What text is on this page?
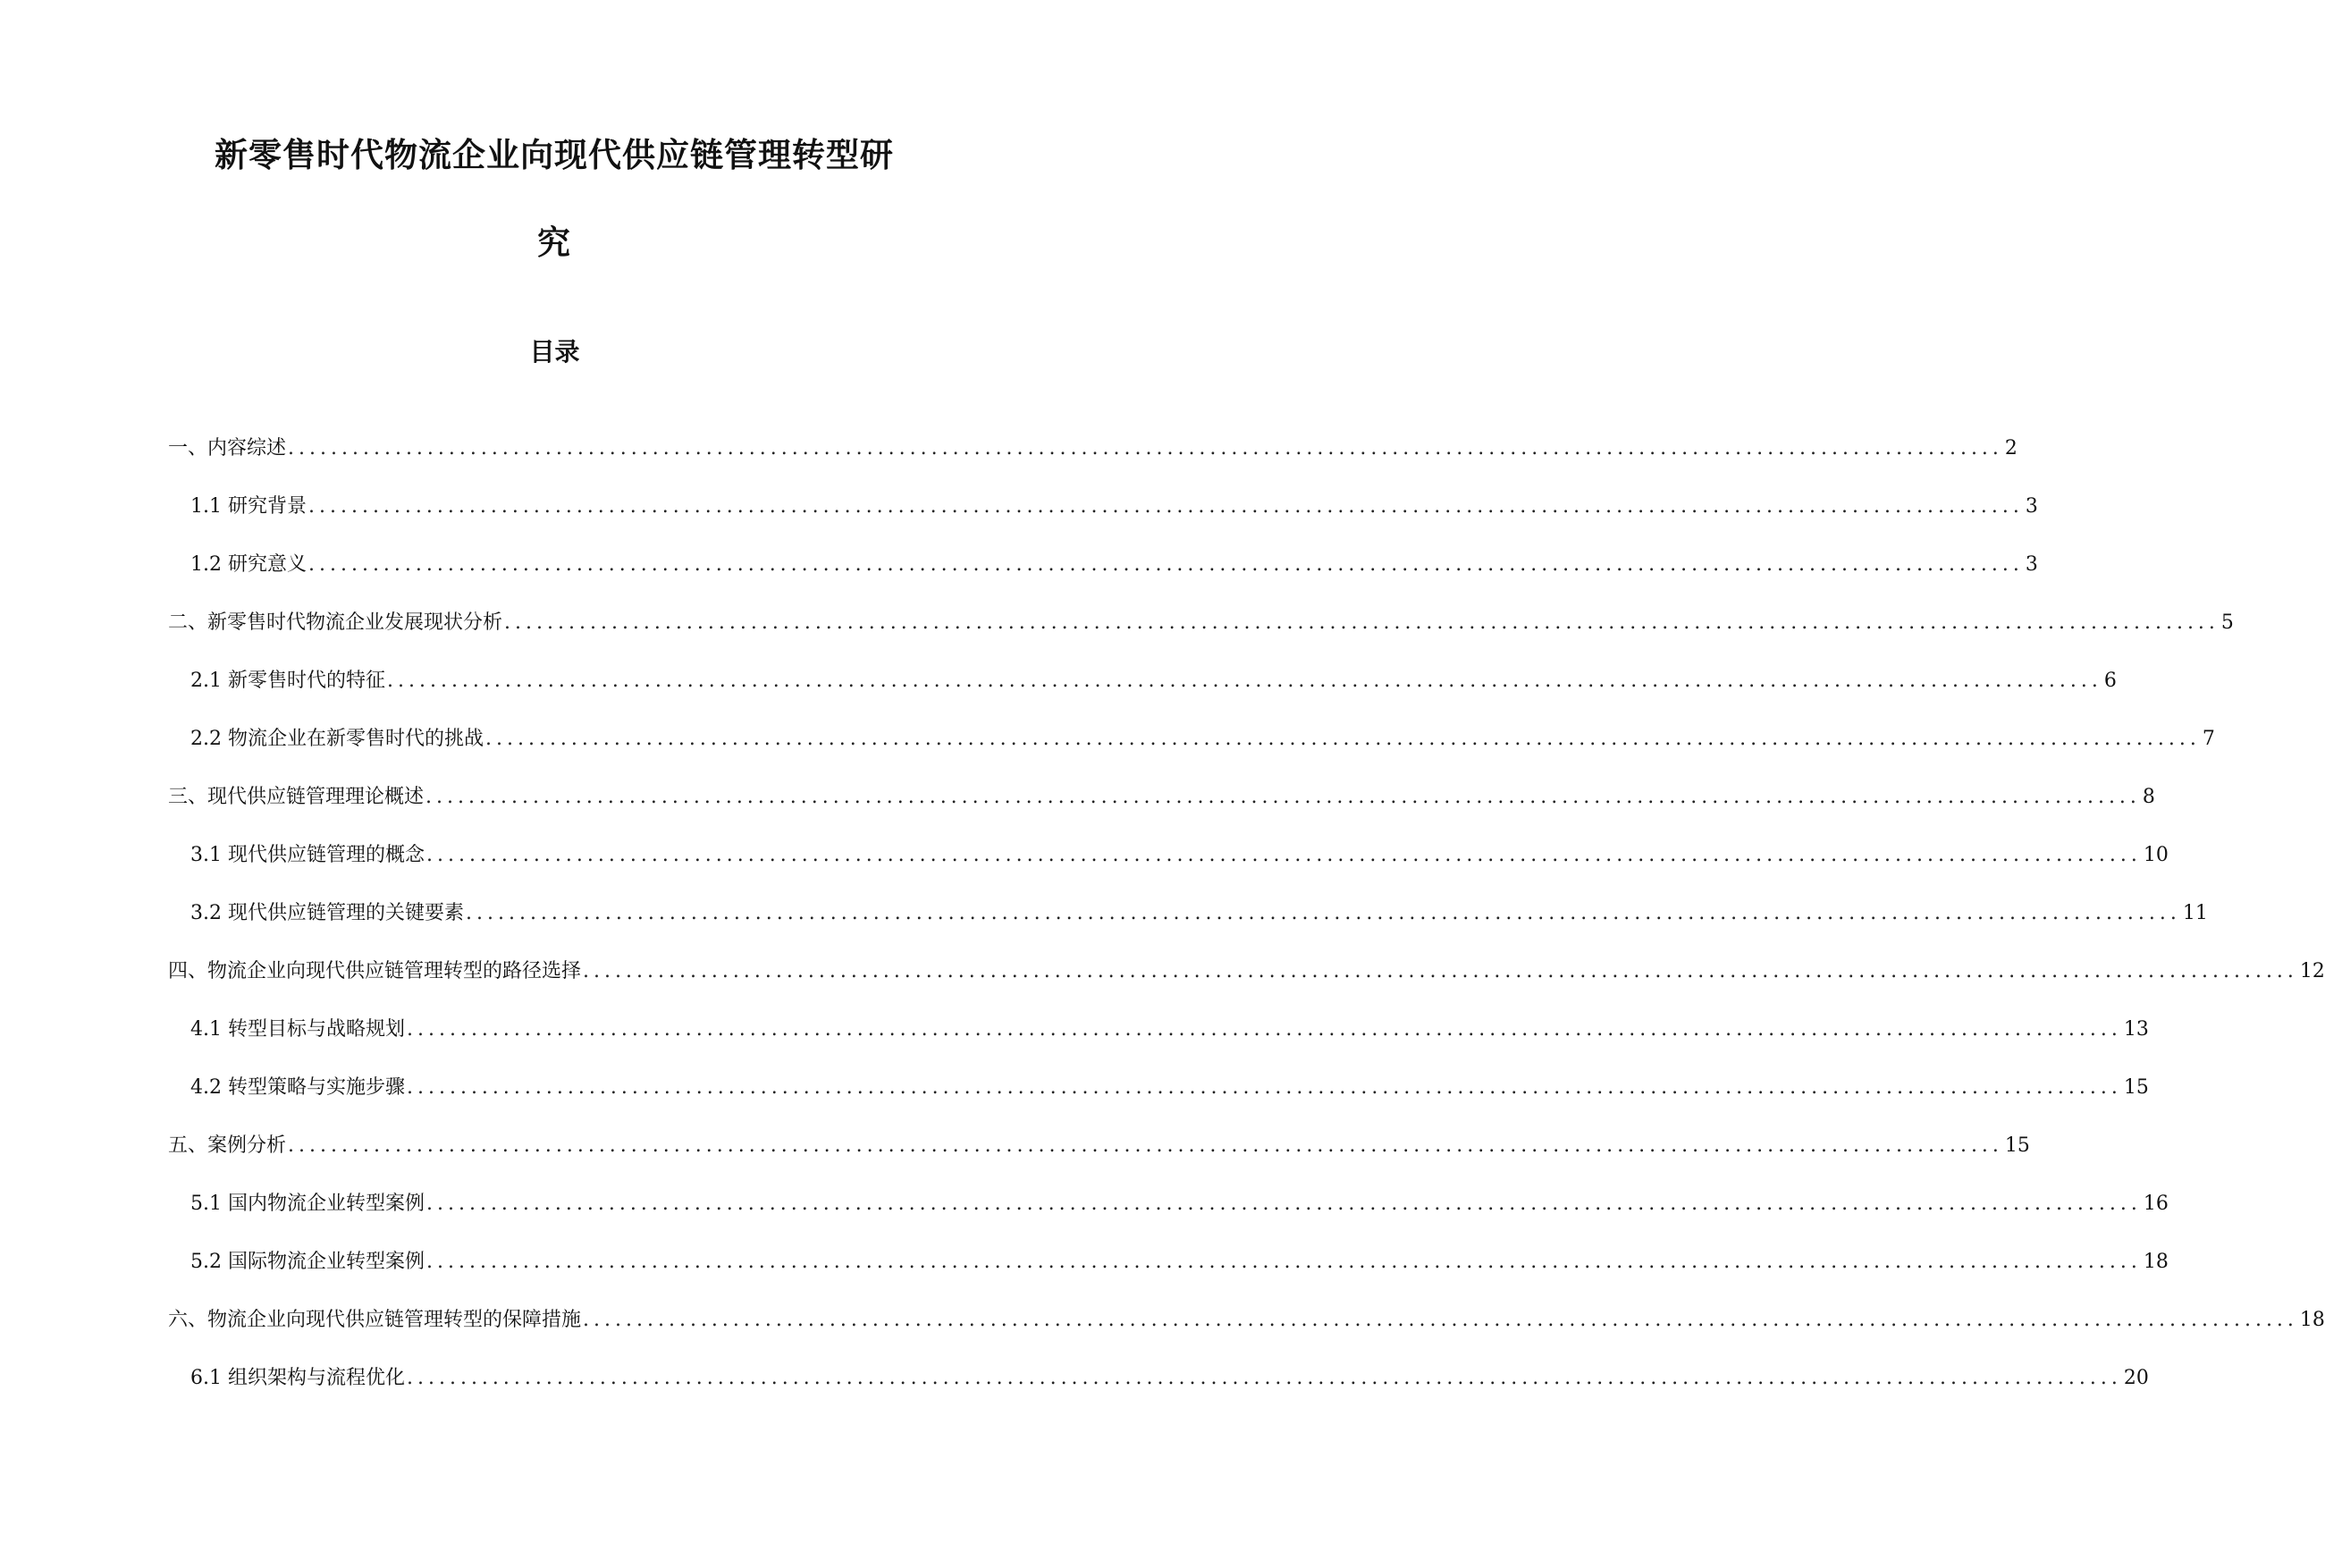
新零售时代物流企业向现代供应链管理转型研
究
目录
一、内容综述 ................................................................................................................................................................ 2
1.1 研究背景 ................................................................................................................................................................ 3
1.2 研究意义 ................................................................................................................................................................ 3
二、新零售时代物流企业发展现状分析 ................................................................................................................................................................ 5
2.1 新零售时代的特征 ................................................................................................................................................................ 6
2.2 物流企业在新零售时代的挑战 ................................................................................................................................................................ 7
三、现代供应链管理理论概述 ................................................................................................................................................................ 8
3.1 现代供应链管理的概念 ................................................................................................................................................................ 10
3.2 现代供应链管理的关键要素 ................................................................................................................................................................ 11
四、物流企业向现代供应链管理转型的路径选择 ................................................................................................................................................................ 12
4.1 转型目标与战略规划 ................................................................................................................................................................ 13
4.2 转型策略与实施步骤 ................................................................................................................................................................ 15
五、案例分析 ................................................................................................................................................................ 15
5.1 国内物流企业转型案例 ................................................................................................................................................................ 16
5.2 国际物流企业转型案例 ................................................................................................................................................................ 18
六、物流企业向现代供应链管理转型的保障措施 ................................................................................................................................................................ 18
6.1 组织架构与流程优化 ................................................................................................................................................................ 20
